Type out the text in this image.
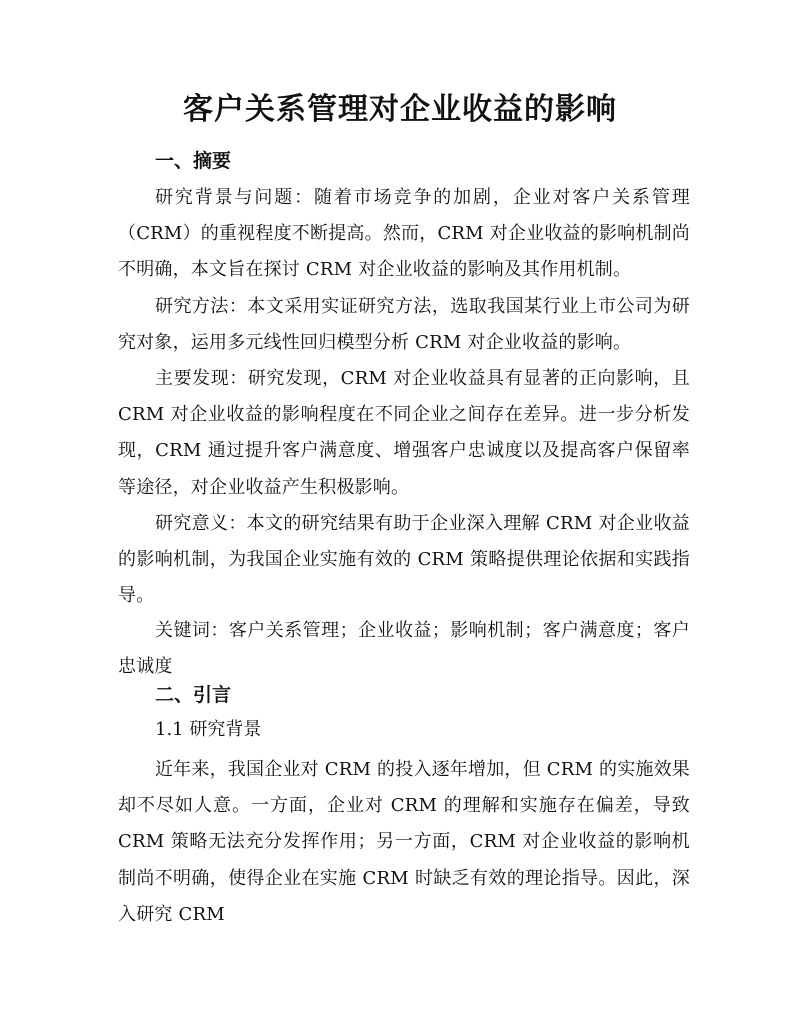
客户关系管理对企业收益的影响
一、摘要
研究背景与问题：随着市场竞争的加剧，企业对客户关系管理（CRM）的重视程度不断提高。然而，CRM 对企业收益的影响机制尚不明确，本文旨在探讨 CRM 对企业收益的影响及其作用机制。
研究方法：本文采用实证研究方法，选取我国某行业上市公司为研究对象，运用多元线性回归模型分析 CRM 对企业收益的影响。
主要发现：研究发现，CRM 对企业收益具有显著的正向影响，且 CRM 对企业收益的影响程度在不同企业之间存在差异。进一步分析发现，CRM 通过提升客户满意度、增强客户忠诚度以及提高客户保留率等途径，对企业收益产生积极影响。
研究意义：本文的研究结果有助于企业深入理解 CRM 对企业收益的影响机制，为我国企业实施有效的 CRM 策略提供理论依据和实践指导。
关键词：客户关系管理；企业收益；影响机制；客户满意度；客户忠诚度
二、引言
1.1 研究背景
近年来，我国企业对 CRM 的投入逐年增加，但 CRM 的实施效果却不尽如人意。一方面，企业对 CRM 的理解和实施存在偏差，导致 CRM 策略无法充分发挥作用；另一方面，CRM 对企业收益的影响机制尚不明确，使得企业在实施 CRM 时缺乏有效的理论指导。因此，深入研究 CRM
